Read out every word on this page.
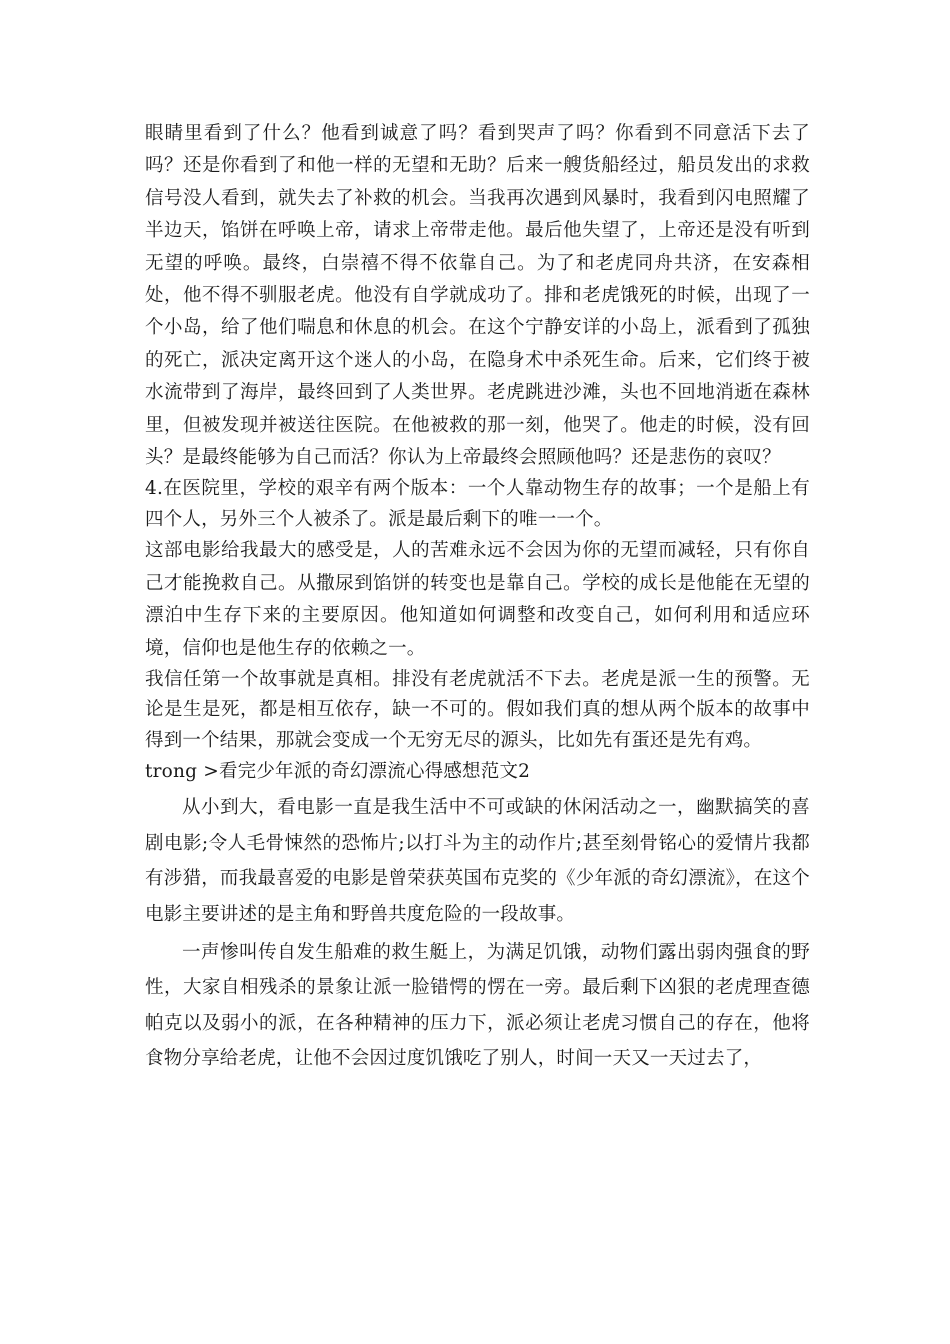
眼睛里看到了什么？他看到诚意了吗？看到哭声了吗？你看到不同意活下去了吗？还是你看到了和他一样的无望和无助？后来一艘货船经过，船员发出的求救信号没人看到，就失去了补救的机会。当我再次遇到风暴时，我看到闪电照耀了半边天，馅饼在呼唤上帝，请求上帝带走他。最后他失望了，上帝还是没有听到无望的呼唤。最终，白崇禧不得不依靠自己。为了和老虎同舟共济，在安森相处，他不得不驯服老虎。他没有自学就成功了。排和老虎饿死的时候，出现了一个小岛，给了他们喘息和休息的机会。在这个宁静安详的小岛上，派看到了孤独的死亡，派决定离开这个迷人的小岛，在隐身术中杀死生命。后来，它们终于被水流带到了海岸，最终回到了人类世界。老虎跳进沙滩，头也不回地消逝在森林里，但被发现并被送往医院。在他被救的那一刻，他哭了。他走的时候，没有回头？是最终能够为自己而活？你认为上帝最终会照顾他吗？还是悲伤的哀叹？

4.在医院里，学校的艰辛有两个版本：一个人靠动物生存的故事；一个是船上有四个人，另外三个人被杀了。派是最后剩下的唯一一个。

这部电影给我最大的感受是，人的苦难永远不会因为你的无望而减轻，只有你自己才能挽救自己。从撒尿到馅饼的转变也是靠自己。学校的成长是他能在无望的漂泊中生存下来的主要原因。他知道如何调整和改变自己，如何利用和适应环境，信仰也是他生存的依赖之一。

我信任第一个故事就是真相。排没有老虎就活不下去。老虎是派一生的预警。无论是生是死，都是相互依存，缺一不可的。假如我们真的想从两个版本的故事中得到一个结果，那就会变成一个无穷无尽的源头，比如先有蛋还是先有鸡。

trong >看完少年派的奇幻漂流心得感想范文2

从小到大，看电影一直是我生活中不可或缺的休闲活动之一，幽默搞笑的喜剧电影;令人毛骨悚然的恐怖片;以打斗为主的动作片;甚至刻骨铭心的爱情片我都有涉猎，而我最喜爱的电影是曾荣获英国布克奖的《少年派的奇幻漂流》，在这个电影主要讲述的是主角和野兽共度危险的一段故事。

一声惨叫传自发生船难的救生艇上，为满足饥饿，动物们露出弱肉强食的野性，大家自相残杀的景象让派一脸错愕的愣在一旁。最后剩下凶狠的老虎理查德帕克以及弱小的派，在各种精神的压力下，派必须让老虎习惯自己的存在，他将食物分享给老虎，让他不会因过度饥饿吃了别人，时间一天又一天过去了，
